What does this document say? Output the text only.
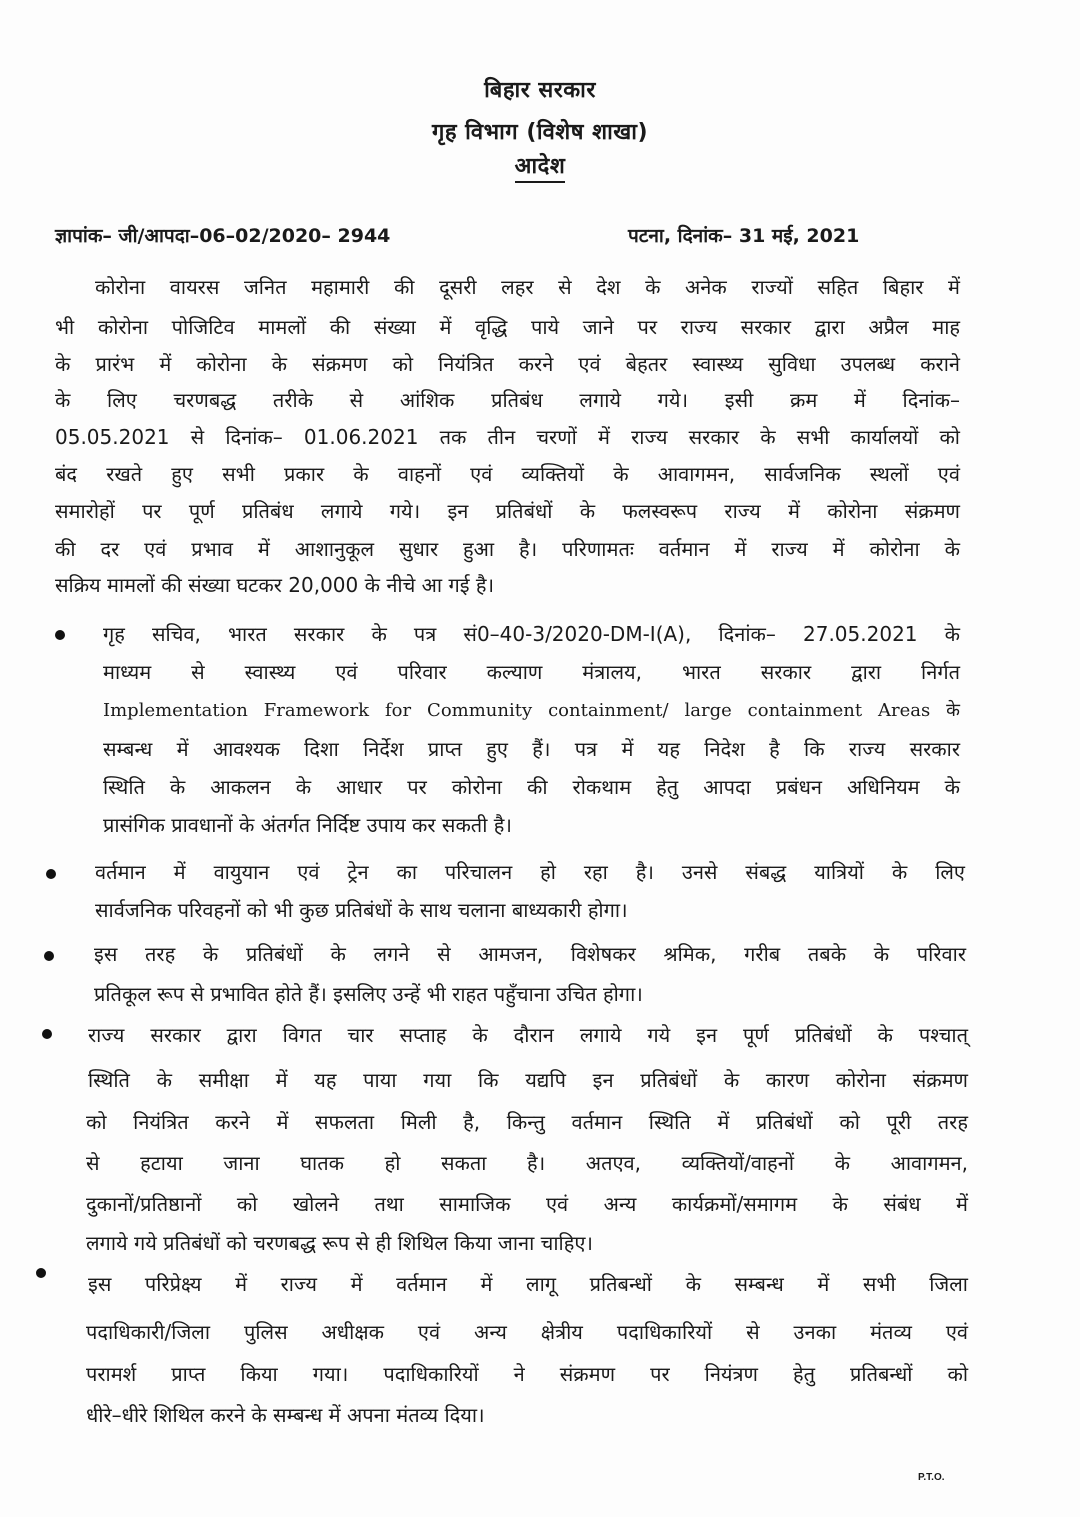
बिहार सरकार
गृह विभाग (विशेष शाखा)
आदेश
ज्ञापांक– जी/आपदा–06–02/2020– 2944	पटना, दिनांक– 31 मई, 2021
कोरोना वायरस जनित महामारी की दूसरी लहर से देश के अनेक राज्यों सहित बिहार में
भी कोरोना पोजिटिव मामलों की संख्या में वृद्धि पाये जाने पर राज्य सरकार द्वारा अप्रैल माह
के प्रारंभ में कोरोना के संक्रमण को नियंत्रित करने एवं बेहतर स्वास्थ्य सुविधा उपलब्ध कराने
के लिए चरणबद्ध तरीके से आंशिक प्रतिबंध लगाये गये। इसी क्रम में दिनांक–
05.05.2021 से दिनांक– 01.06.2021 तक तीन चरणों में राज्य सरकार के सभी कार्यालयों को
बंद रखते हुए सभी प्रकार के वाहनों एवं व्यक्तियों के आवागमन, सार्वजनिक स्थलों एवं
समारोहों पर पूर्ण प्रतिबंध लगाये गये। इन प्रतिबंधों के फलस्वरूप राज्य में कोरोना संक्रमण
की दर एवं प्रभाव में आशानुकूल सुधार हुआ है। परिणामतः वर्तमान में राज्य में कोरोना के
सक्रिय मामलों की संख्या घटकर 20,000 के नीचे आ गई है।
गृह सचिव, भारत सरकार के पत्र सं0–40-3/2020-DM-I(A), दिनांक– 27.05.2021 के
माध्यम से स्वास्थ्य एवं परिवार कल्याण मंत्रालय, भारत सरकार द्वारा निर्गत
Implementation Framework for Community containment/ large containment Areas के
सम्बन्ध में आवश्यक दिशा निर्देश प्राप्त हुए हैं। पत्र में यह निदेश है कि राज्य सरकार
स्थिति के आकलन के आधार पर कोरोना की रोकथाम हेतु आपदा प्रबंधन अधिनियम के
प्रासंगिक प्रावधानों के अंतर्गत निर्दिष्ट उपाय कर सकती है।
वर्तमान में वायुयान एवं ट्रेन का परिचालन हो रहा है। उनसे संबद्ध यात्रियों के लिए
सार्वजनिक परिवहनों को भी कुछ प्रतिबंधों के साथ चलाना बाध्यकारी होगा।
इस तरह के प्रतिबंधों के लगने से आमजन, विशेषकर श्रमिक, गरीब तबके के परिवार
प्रतिकूल रूप से प्रभावित होते हैं। इसलिए उन्हें भी राहत पहुँचाना उचित होगा।
राज्य सरकार द्वारा विगत चार सप्ताह के दौरान लगाये गये इन पूर्ण प्रतिबंधों के पश्चात्
स्थिति के समीक्षा में यह पाया गया कि यद्यपि इन प्रतिबंधों के कारण कोरोना संक्रमण
को नियंत्रित करने में सफलता मिली है, किन्तु वर्तमान स्थिति में प्रतिबंधों को पूरी तरह
से हटाया जाना घातक हो सकता है। अतएव, व्यक्तियों/वाहनों के आवागमन,
दुकानों/प्रतिष्ठानों को खोलने तथा सामाजिक एवं अन्य कार्यक्रमों/समागम के संबंध में
लगाये गये प्रतिबंधों को चरणबद्ध रूप से ही शिथिल किया जाना चाहिए।
इस परिप्रेक्ष्य में राज्य में वर्तमान में लागू प्रतिबन्धों के सम्बन्ध में सभी जिला
पदाधिकारी/जिला पुलिस अधीक्षक एवं अन्य क्षेत्रीय पदाधिकारियों से उनका मंतव्य एवं
परामर्श प्राप्त किया गया। पदाधिकारियों ने संक्रमण पर नियंत्रण हेतु प्रतिबन्धों को
धीरे–धीरे शिथिल करने के सम्बन्ध में अपना मंतव्य दिया।
P.T.O.
